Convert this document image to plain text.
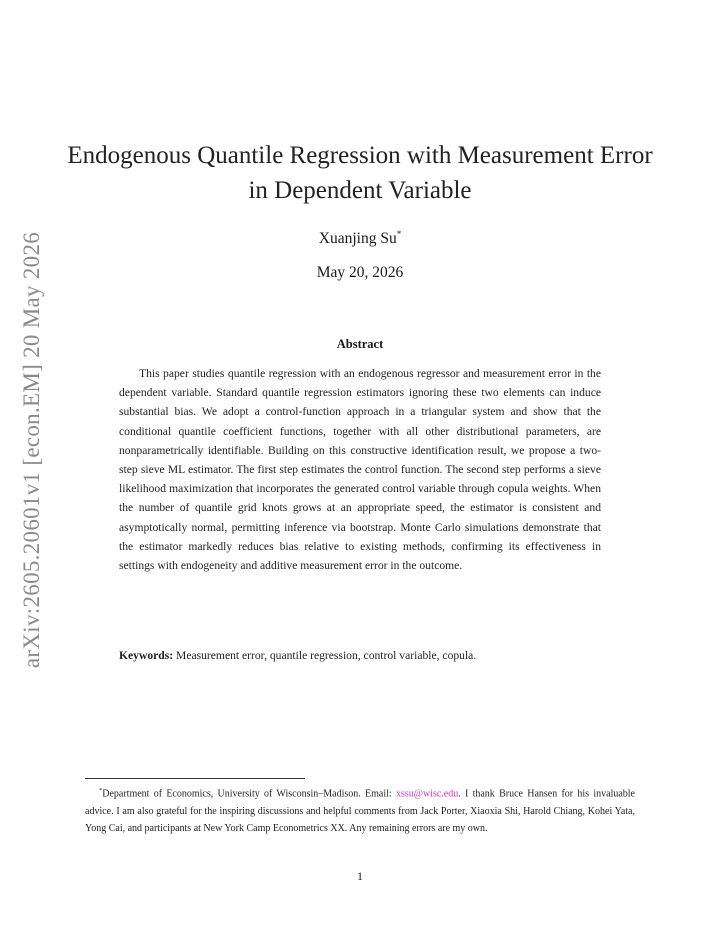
arXiv:2605.20601v1 [econ.EM] 20 May 2026
Endogenous Quantile Regression with Measurement Error in Dependent Variable
Xuanjing Su*
May 20, 2026
Abstract

This paper studies quantile regression with an endogenous regressor and measurement error in the dependent variable. Standard quantile regression estimators ignoring these two elements can induce substantial bias. We adopt a control-function approach in a triangular system and show that the conditional quantile coefficient functions, together with all other distributional parameters, are nonparametrically identifiable. Building on this constructive identification result, we propose a two-step sieve ML estimator. The first step estimates the control function. The second step performs a sieve likelihood maximization that incorporates the generated control variable through copula weights. When the number of quantile grid knots grows at an appropriate speed, the estimator is consistent and asymptotically normal, permitting inference via bootstrap. Monte Carlo simulations demonstrate that the estimator markedly reduces bias relative to existing methods, confirming its effectiveness in settings with endogeneity and additive measurement error in the outcome.

Keywords: Measurement error, quantile regression, control variable, copula.

*Department of Economics, University of Wisconsin–Madison. Email: xssu@wisc.edu. I thank Bruce Hansen for his invaluable advice. I am also grateful for the inspiring discussions and helpful comments from Jack Porter, Xiaoxia Shi, Harold Chiang, Kohei Yata, Yong Cai, and participants at New York Camp Econometrics XX. Any remaining errors are my own.

1
